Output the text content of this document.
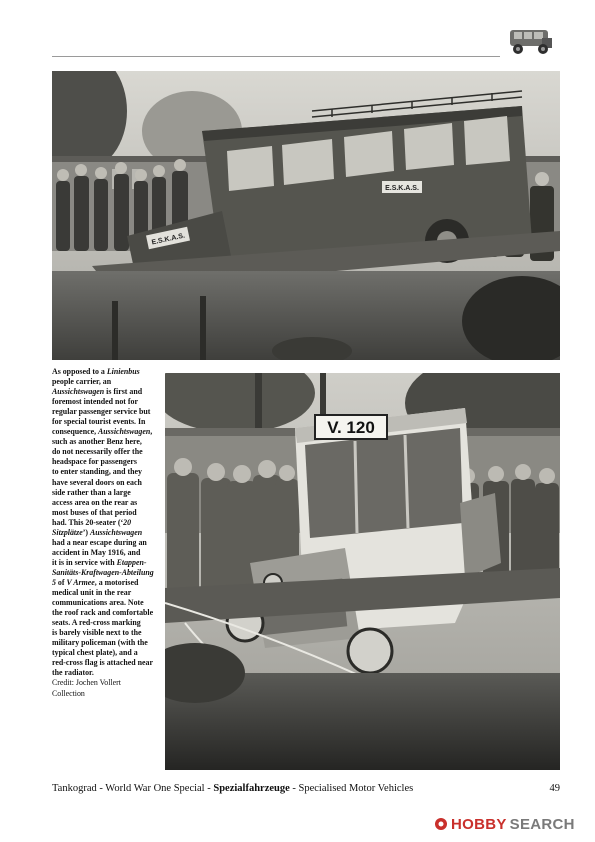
E.S.K.A.S.
E.S.K.A.S.
V. 120
As opposed to a Linienbus
people carrier, an
Aussichtswagen is first and
foremost intended not for
regular passenger service but
for special tourist events. In
consequence, Aussichtswagen,
such as another Benz here,
do not necessarily offer the
headspace for passengers
to enter standing, and they
have several doors on each
side rather than a large
access area on the rear as
most buses of that period
had. This 20-seater (‘20
Sitzplätze’) Aussichtswagen
had a near escape during an
accident in May 1916, and
it is in service with Etappen-
Sanitäts-Kraftwagen-Abteilung
5 of V Armee, a motorised
medical unit in the rear
communications area. Note
the roof rack and comfortable
seats. A red-cross marking
is barely visible next to the
military policeman (with the
typical chest plate), and a
red-cross flag is attached near
the radiator.
Credit: Jochen Vollert
Collection
Tankograd - World War One Special - Spezialfahrzeuge - Specialised Motor Vehicles	49
HOBBY SEARCH
